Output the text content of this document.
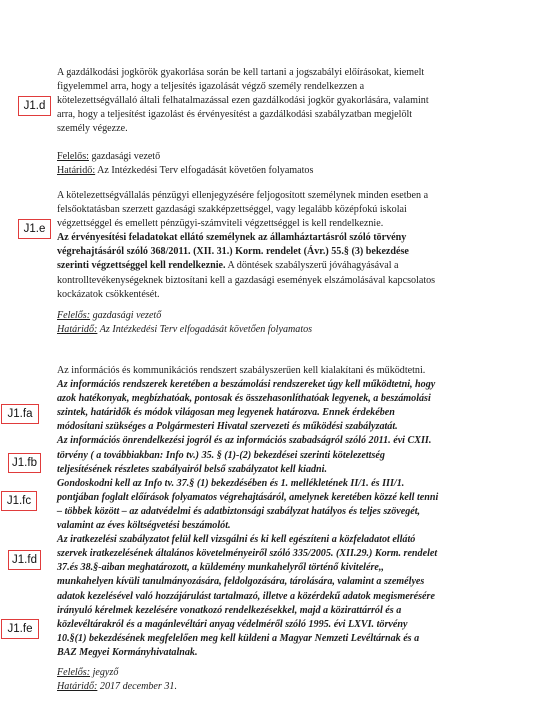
J1.d
J1.e
J1.fa
J1.fb
J1.fc
J1.fd
J1.fe
A gazdálkodási jogkörök gyakorlása során be kell tartani a jogszabályi előírásokat, kiemelt
figyelemmel arra, hogy a teljesítés igazolását végző személy rendelkezzen a
kötelezettségvállaló általi felhatalmazással ezen gazdálkodási jogkör gyakorlására, valamint
arra, hogy a teljesítést igazolást és érvényesítést a gazdálkodási szabályzatban megjelölt
személy végezze.
Felelős: gazdasági vezető
Határidő: Az Intézkedési Terv elfogadását követően folyamatos
A kötelezettségvállalás pénzügyi ellenjegyzésére feljogosított személynek minden esetben a
felsőoktatásban szerzett gazdasági szakképzettséggel, vagy legalább középfokú iskolai
végzettséggel és emellett pénzügyi-számviteli végzettséggel is kell rendelkeznie.
Az érvényesítési feladatokat ellátó személynek az államháztartásról szóló törvény
végrehajtásáról szóló 368/2011. (XII. 31.) Korm. rendelet (Ávr.) 55.§ (3) bekezdése
szerinti végzettséggel kell rendelkeznie. A döntések szabályszerű jóváhagyásával a
kontrolltevékenységeknek biztosítani kell a gazdasági események elszámolásával kapcsolatos
kockázatok csökkentését.
Felelős: gazdasági vezető
Határidő: Az Intézkedési Terv elfogadását követően folyamatos
Az információs és kommunikációs rendszert szabályszerűen kell kialakítani és működtetni.
Az információs rendszerek keretében a beszámolási rendszereket úgy kell működtetni, hogy
azok hatékonyak, megbízhatóak, pontosak és összehasonlíthatóak legyenek, a beszámolási
szintek, határidők és módok világosan meg legyenek határozva. Ennek érdekében
módosítani szükséges a Polgármesteri Hivatal szervezeti és működési szabályzatát.
Az információs önrendelkezési jogról és az információs szabadságról szóló 2011. évi CXII.
törvény ( a továbbiakban: Info tv.) 35. § (1)-(2) bekezdései szerinti kötelezettség
teljesítésének részletes szabályairól belső szabályzatot kell kiadni.
Gondoskodni kell az Info tv. 37.§ (1) bekezdésében és 1. mellékletének II/1. és III/1.
pontjában foglalt előírások folyamatos végrehajtásáról, amelynek keretében közzé kell tenni
– többek között – az adatvédelmi és adatbiztonsági szabályzat hatályos és teljes szövegét,
valamint az éves költségvetési beszámolót.
Az iratkezelési szabályzatot felül kell vizsgálni és ki kell egészíteni a közfeladatot ellátó
szervek iratkezelésének általános követelményeiről szóló 335/2005. (XII.29.) Korm. rendelet
37.és 38.§-aiban meghatározott, a küldemény munkahelyről történő kivitelére,,
munkahelyen kívüli tanulmányozására, feldolgozására, tárolására, valamint a személyes
adatok kezelésével való hozzájárulást tartalmazó, illetve a közérdekű adatok megismerésére
irányuló kérelmek kezelésére vonatkozó rendelkezésekkel, majd a közirattárról és a
közlevéltárakról és a magánlevéltári anyag védelméről szóló 1995. évi LXVI. törvény
10.§(1) bekezdésének megfelelően meg kell küldeni a Magyar Nemzeti Levéltárnak és a
BAZ Megyei Kormányhivatalnak.
Felelős: jegyző
Határidő: 2017 december 31.
